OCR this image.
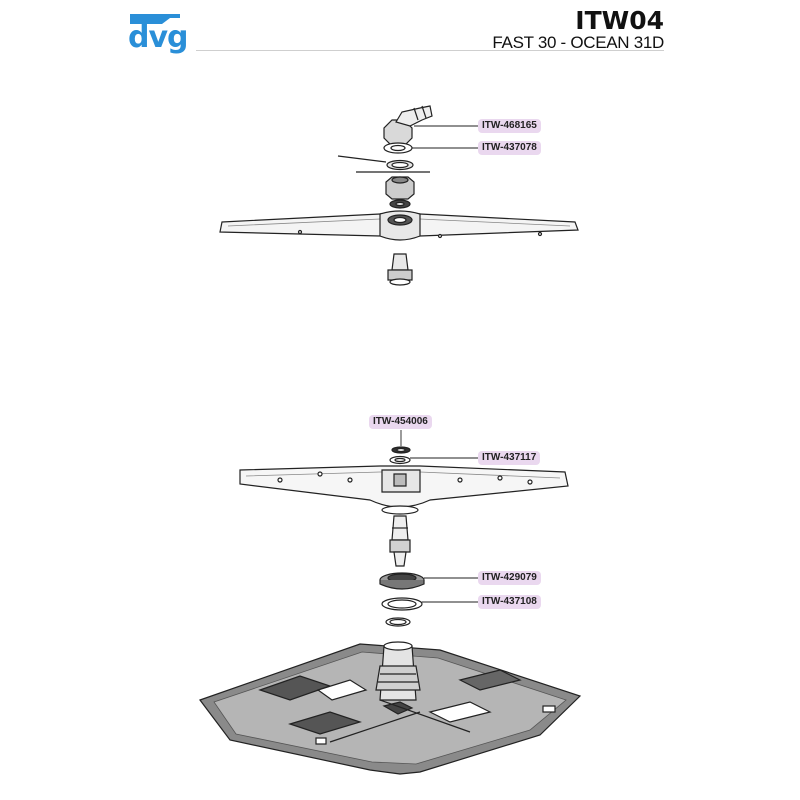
dvg	ITW04
FAST 30 - OCEAN 31D
ITW-468165
ITW-437078
ITW-454006
ITW-437117
ITW-429079
ITW-437108
